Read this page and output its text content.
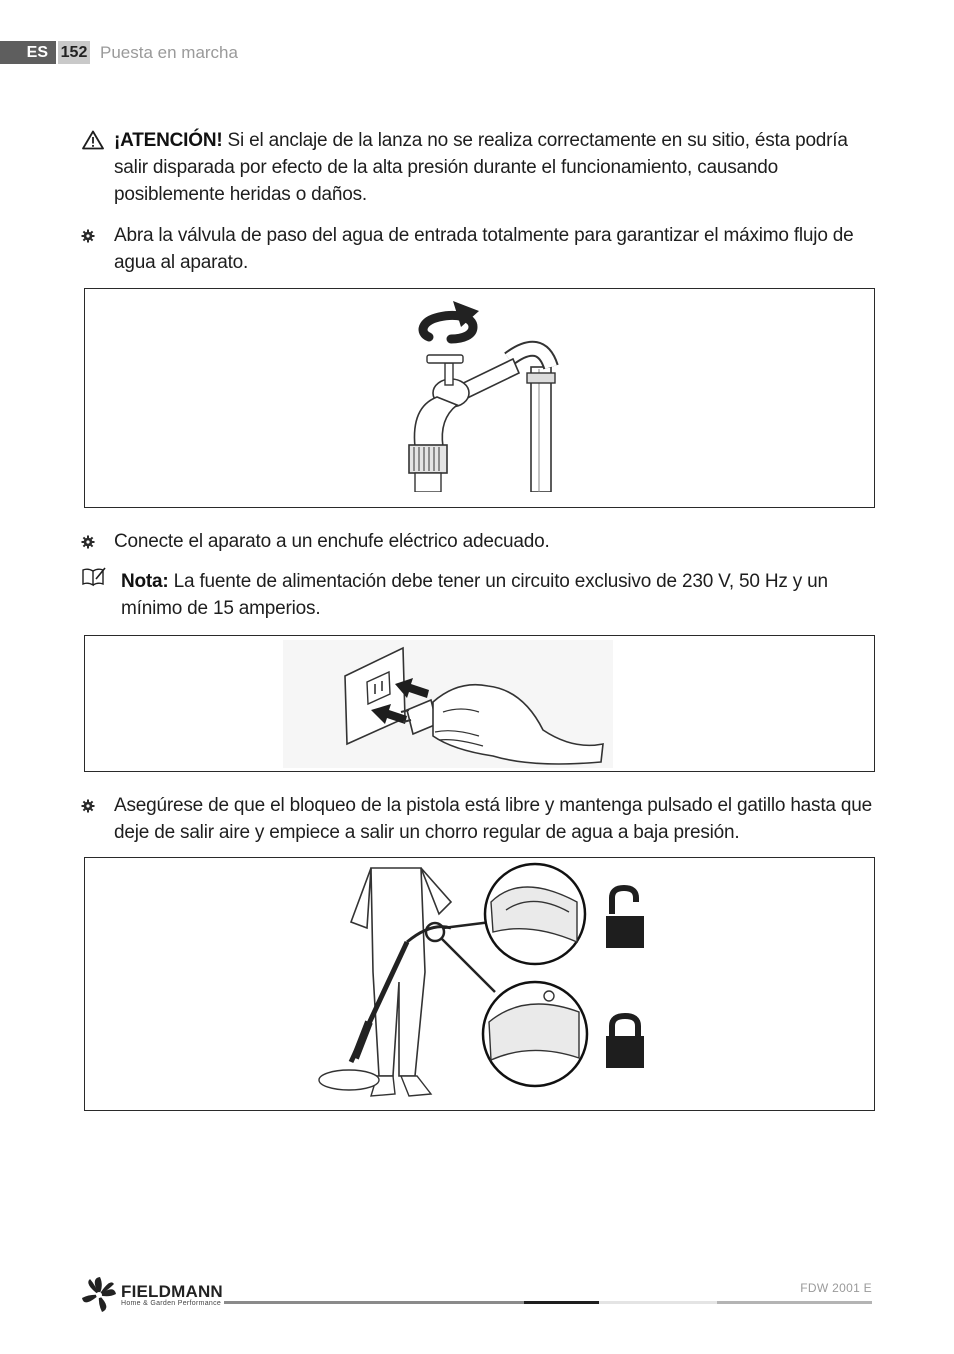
ES 152 Puesta en marcha
¡ATENCIÓN! Si el anclaje de la lanza no se realiza correctamente en su sitio, ésta podría salir disparada por efecto de la alta presión durante el funcionamiento, causando posiblemente heridas o daños.
Abra la válvula de paso del agua de entrada totalmente para garantizar el máximo flujo de agua al aparato.
Conecte el aparato a un enchufe eléctrico adecuado.
Nota: La fuente de alimentación debe tener un circuito exclusivo de 230 V, 50 Hz y un mínimo de 15 amperios.
Asegúrese de que el bloqueo de la pistola está libre y mantenga pulsado el gatillo hasta que deje de salir aire y empiece a salir un chorro regular de agua a baja presión.
FIELDMANN
Home & Garden Performance
FDW 2001 E
